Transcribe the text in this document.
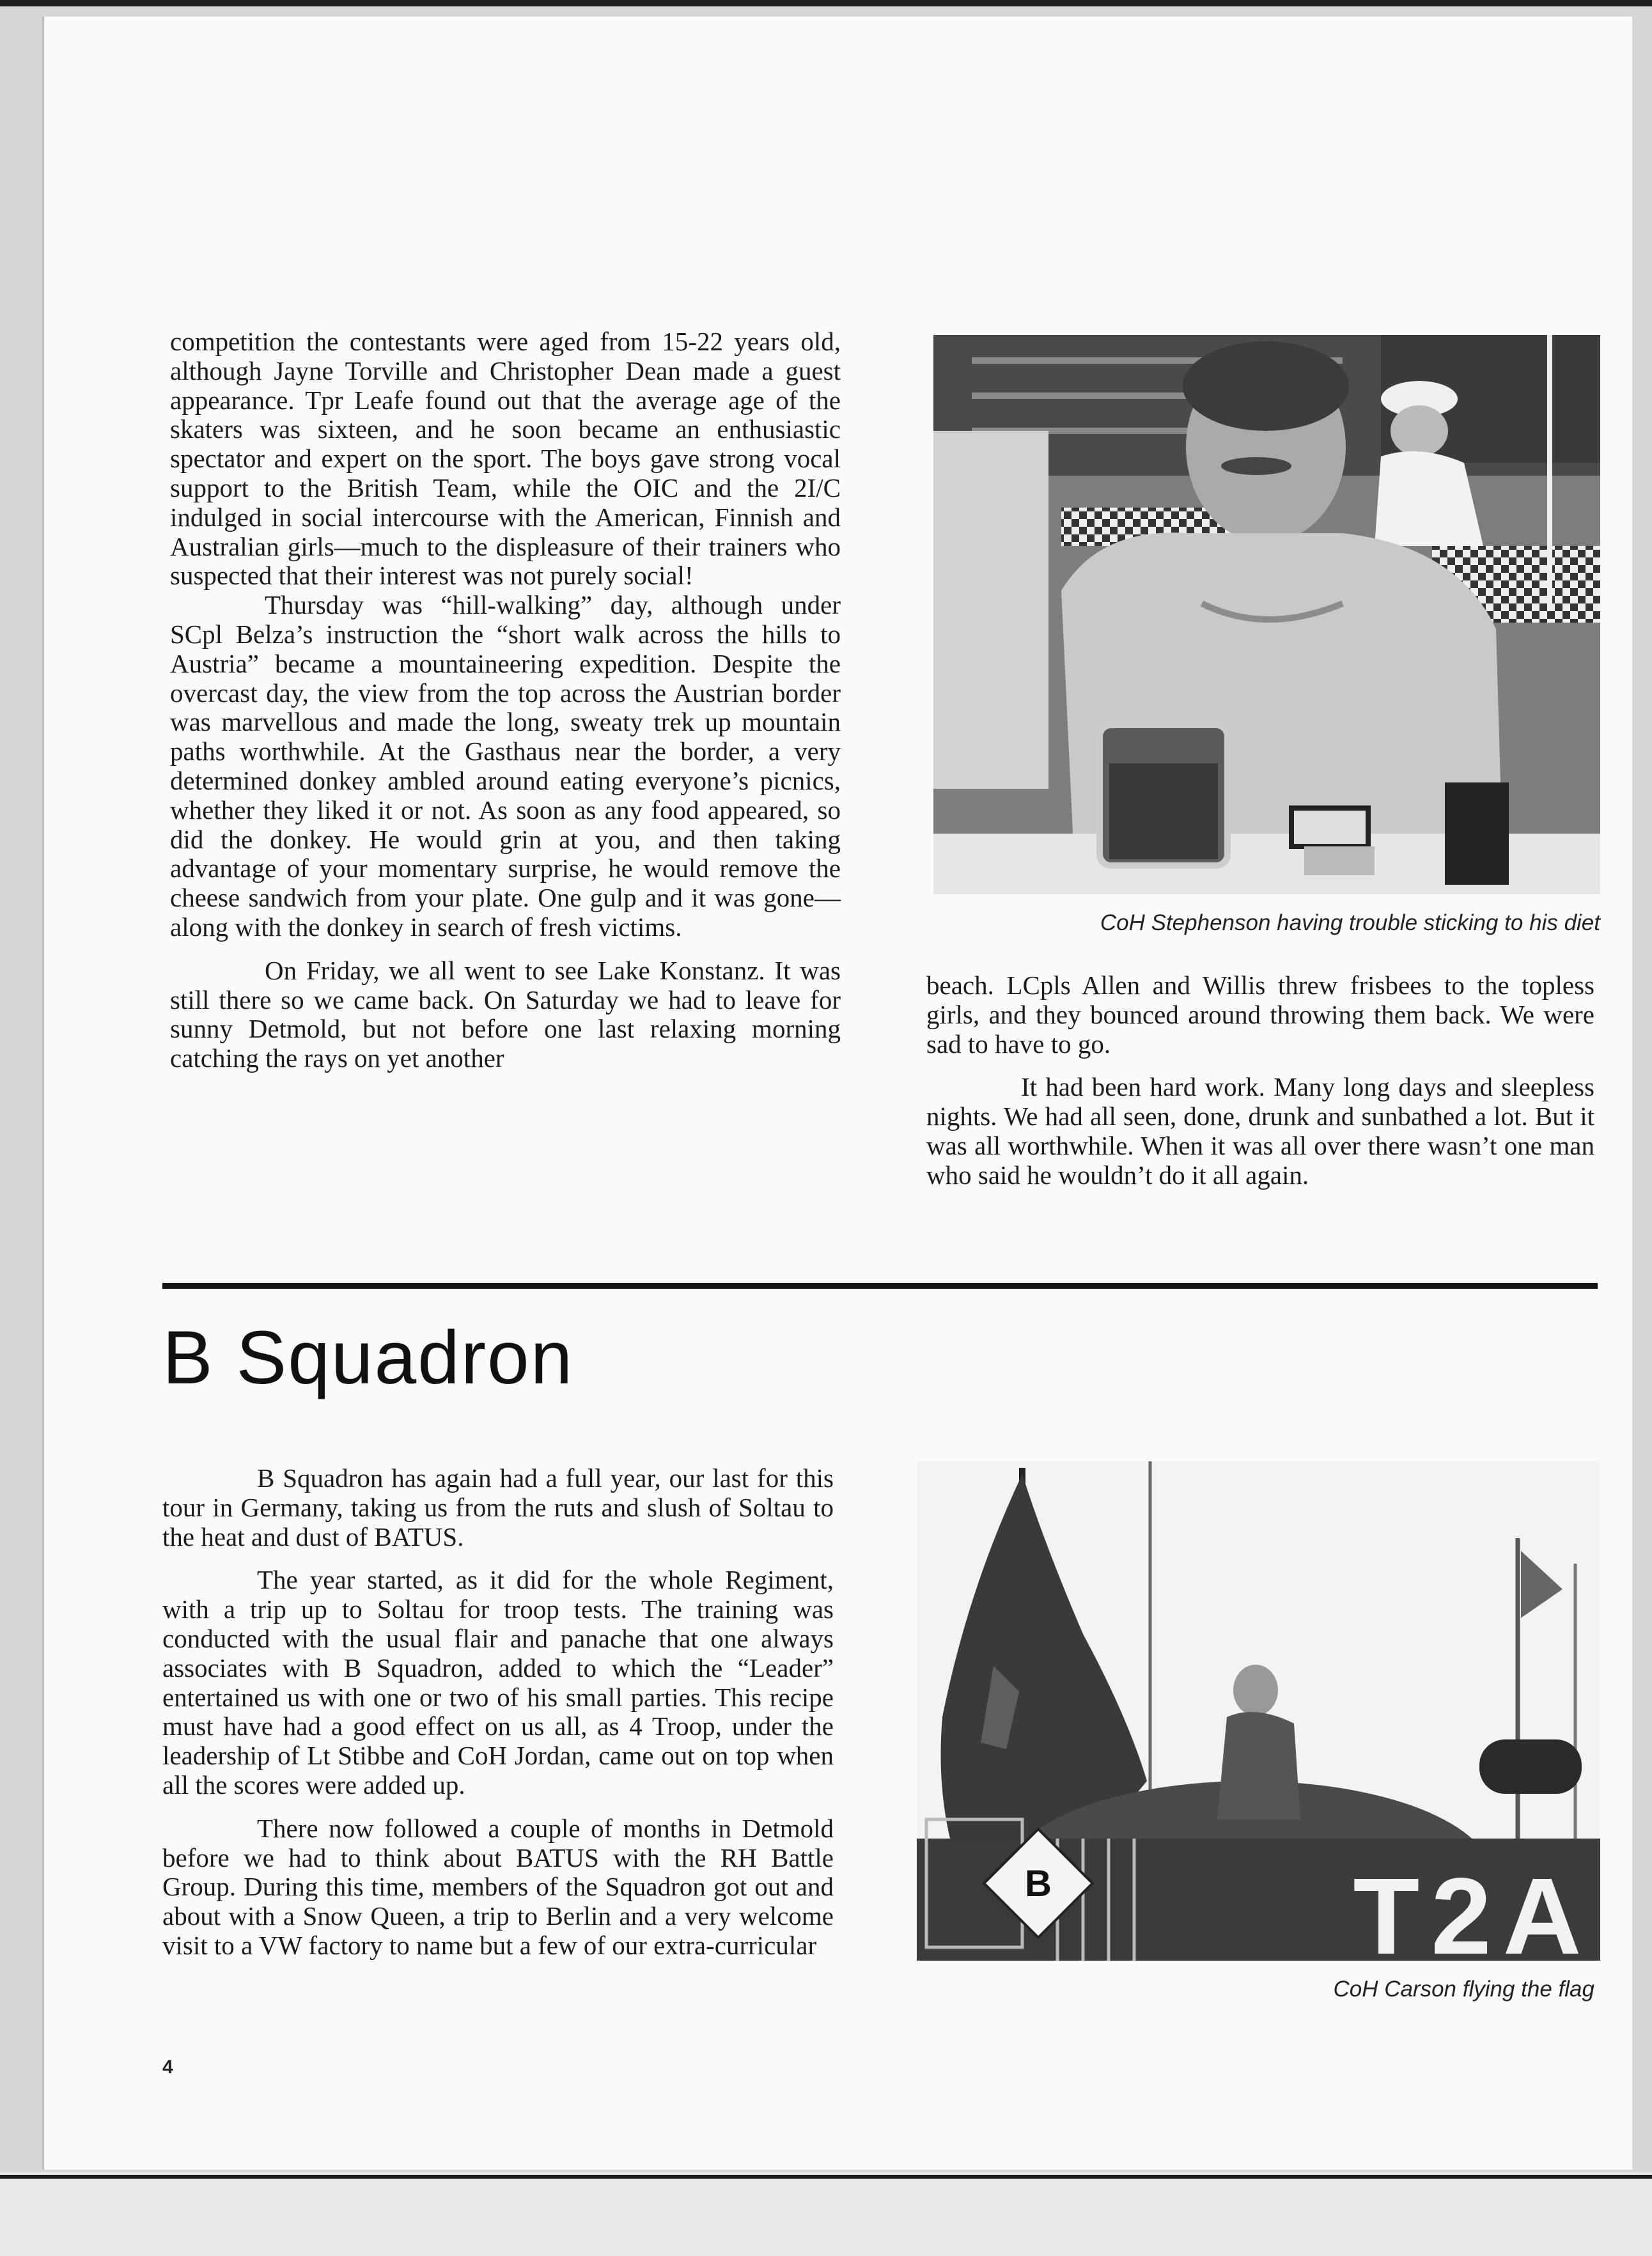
competition the contestants were aged from 15-22 years old, although Jayne Torville and Christopher Dean made a guest appearance. Tpr Leafe found out that the average age of the skaters was sixteen, and he soon became an enthusiastic spectator and expert on the sport. The boys gave strong vocal support to the British Team, while the OIC and the 2I/C indulged in social intercourse with the American, Finnish and Australian girls—much to the displeasure of their trainers who suspected that their interest was not purely social!

Thursday was “hill-walking” day, although under SCpl Belza’s instruction the “short walk across the hills to Austria” became a mountaineering expedition. Despite the overcast day, the view from the top across the Austrian border was marvellous and made the long, sweaty trek up mountain paths worthwhile. At the Gasthaus near the border, a very determined donkey ambled around eating everyone’s picnics, whether they liked it or not. As soon as any food appeared, so did the donkey. He would grin at you, and then taking advantage of your momentary surprise, he would remove the cheese sandwich from your plate. One gulp and it was gone—along with the donkey in search of fresh victims.

On Friday, we all went to see Lake Konstanz. It was still there so we came back. On Saturday we had to leave for sunny Detmold, but not before one last relaxing morning catching the rays on yet another

CoH Stephenson having trouble sticking to his diet

beach. LCpls Allen and Willis threw frisbees to the topless girls, and they bounced around throwing them back. We were sad to have to go.

It had been hard work. Many long days and sleepless nights. We had all seen, done, drunk and sunbathed a lot. But it was all worthwhile. When it was all over there wasn’t one man who said he wouldn’t do it all again.

B Squadron

B Squadron has again had a full year, our last for this tour in Germany, taking us from the ruts and slush of Soltau to the heat and dust of BATUS.

The year started, as it did for the whole Regiment, with a trip up to Soltau for troop tests. The training was conducted with the usual flair and panache that one always associates with B Squadron, added to which the “Leader” entertained us with one or two of his small parties. This recipe must have had a good effect on us all, as 4 Troop, under the leadership of Lt Stibbe and CoH Jordan, came out on top when all the scores were added up.

There now followed a couple of months in Detmold before we had to think about BATUS with the RH Battle Group. During this time, members of the Squadron got out and about with a Snow Queen, a trip to Berlin and a very welcome visit to a VW factory to name but a few of our extra-curricular

B	T2A
CoH Carson flying the flag
4
